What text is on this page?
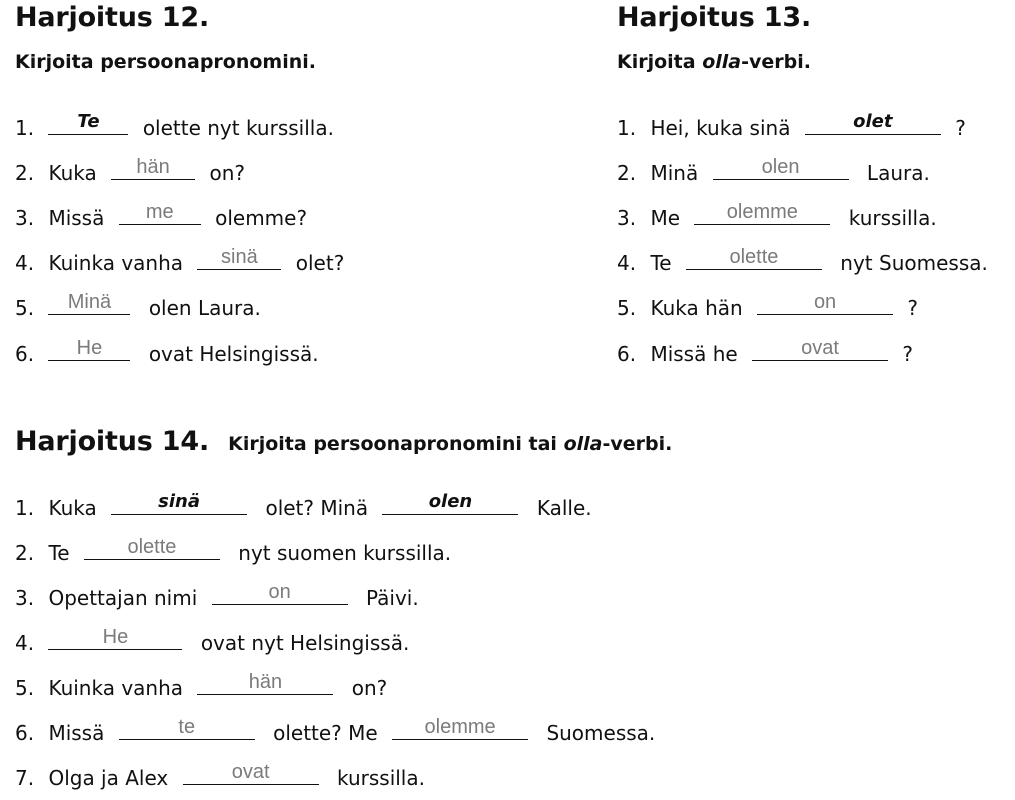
Harjoitus 12.
Kirjoita persoonapronomini.
1.	Te	olette nyt kurssilla.
2. Kuka	hän	on?
3. Missä	me	olemme?
4. Kuinka vanha	sinä	olet?
5.	Minä	olen Laura.
6.	He	ovat Helsingissä.
Harjoitus 13.
Kirjoita olla-verbi.
1. Hei, kuka sinä	olet	?
2. Minä	olen	Laura.
3. Me	olemme	kurssilla.
4. Te	olette	nyt Suomessa.
5. Kuka hän	on	?
6. Missä he	ovat	?
Harjoitus 14. Kirjoita persoonapronomini tai olla-verbi.
1. Kuka	sinä	olet? Minä	olen	Kalle.
2. Te	olette	nyt suomen kurssilla.
3. Opettajan nimi	on	Päivi.
4.	He	ovat nyt Helsingissä.
5. Kuinka vanha	hän	on?
6. Missä	te	olette? Me	olemme	Suomessa.
7. Olga ja Alex	ovat	kurssilla.
